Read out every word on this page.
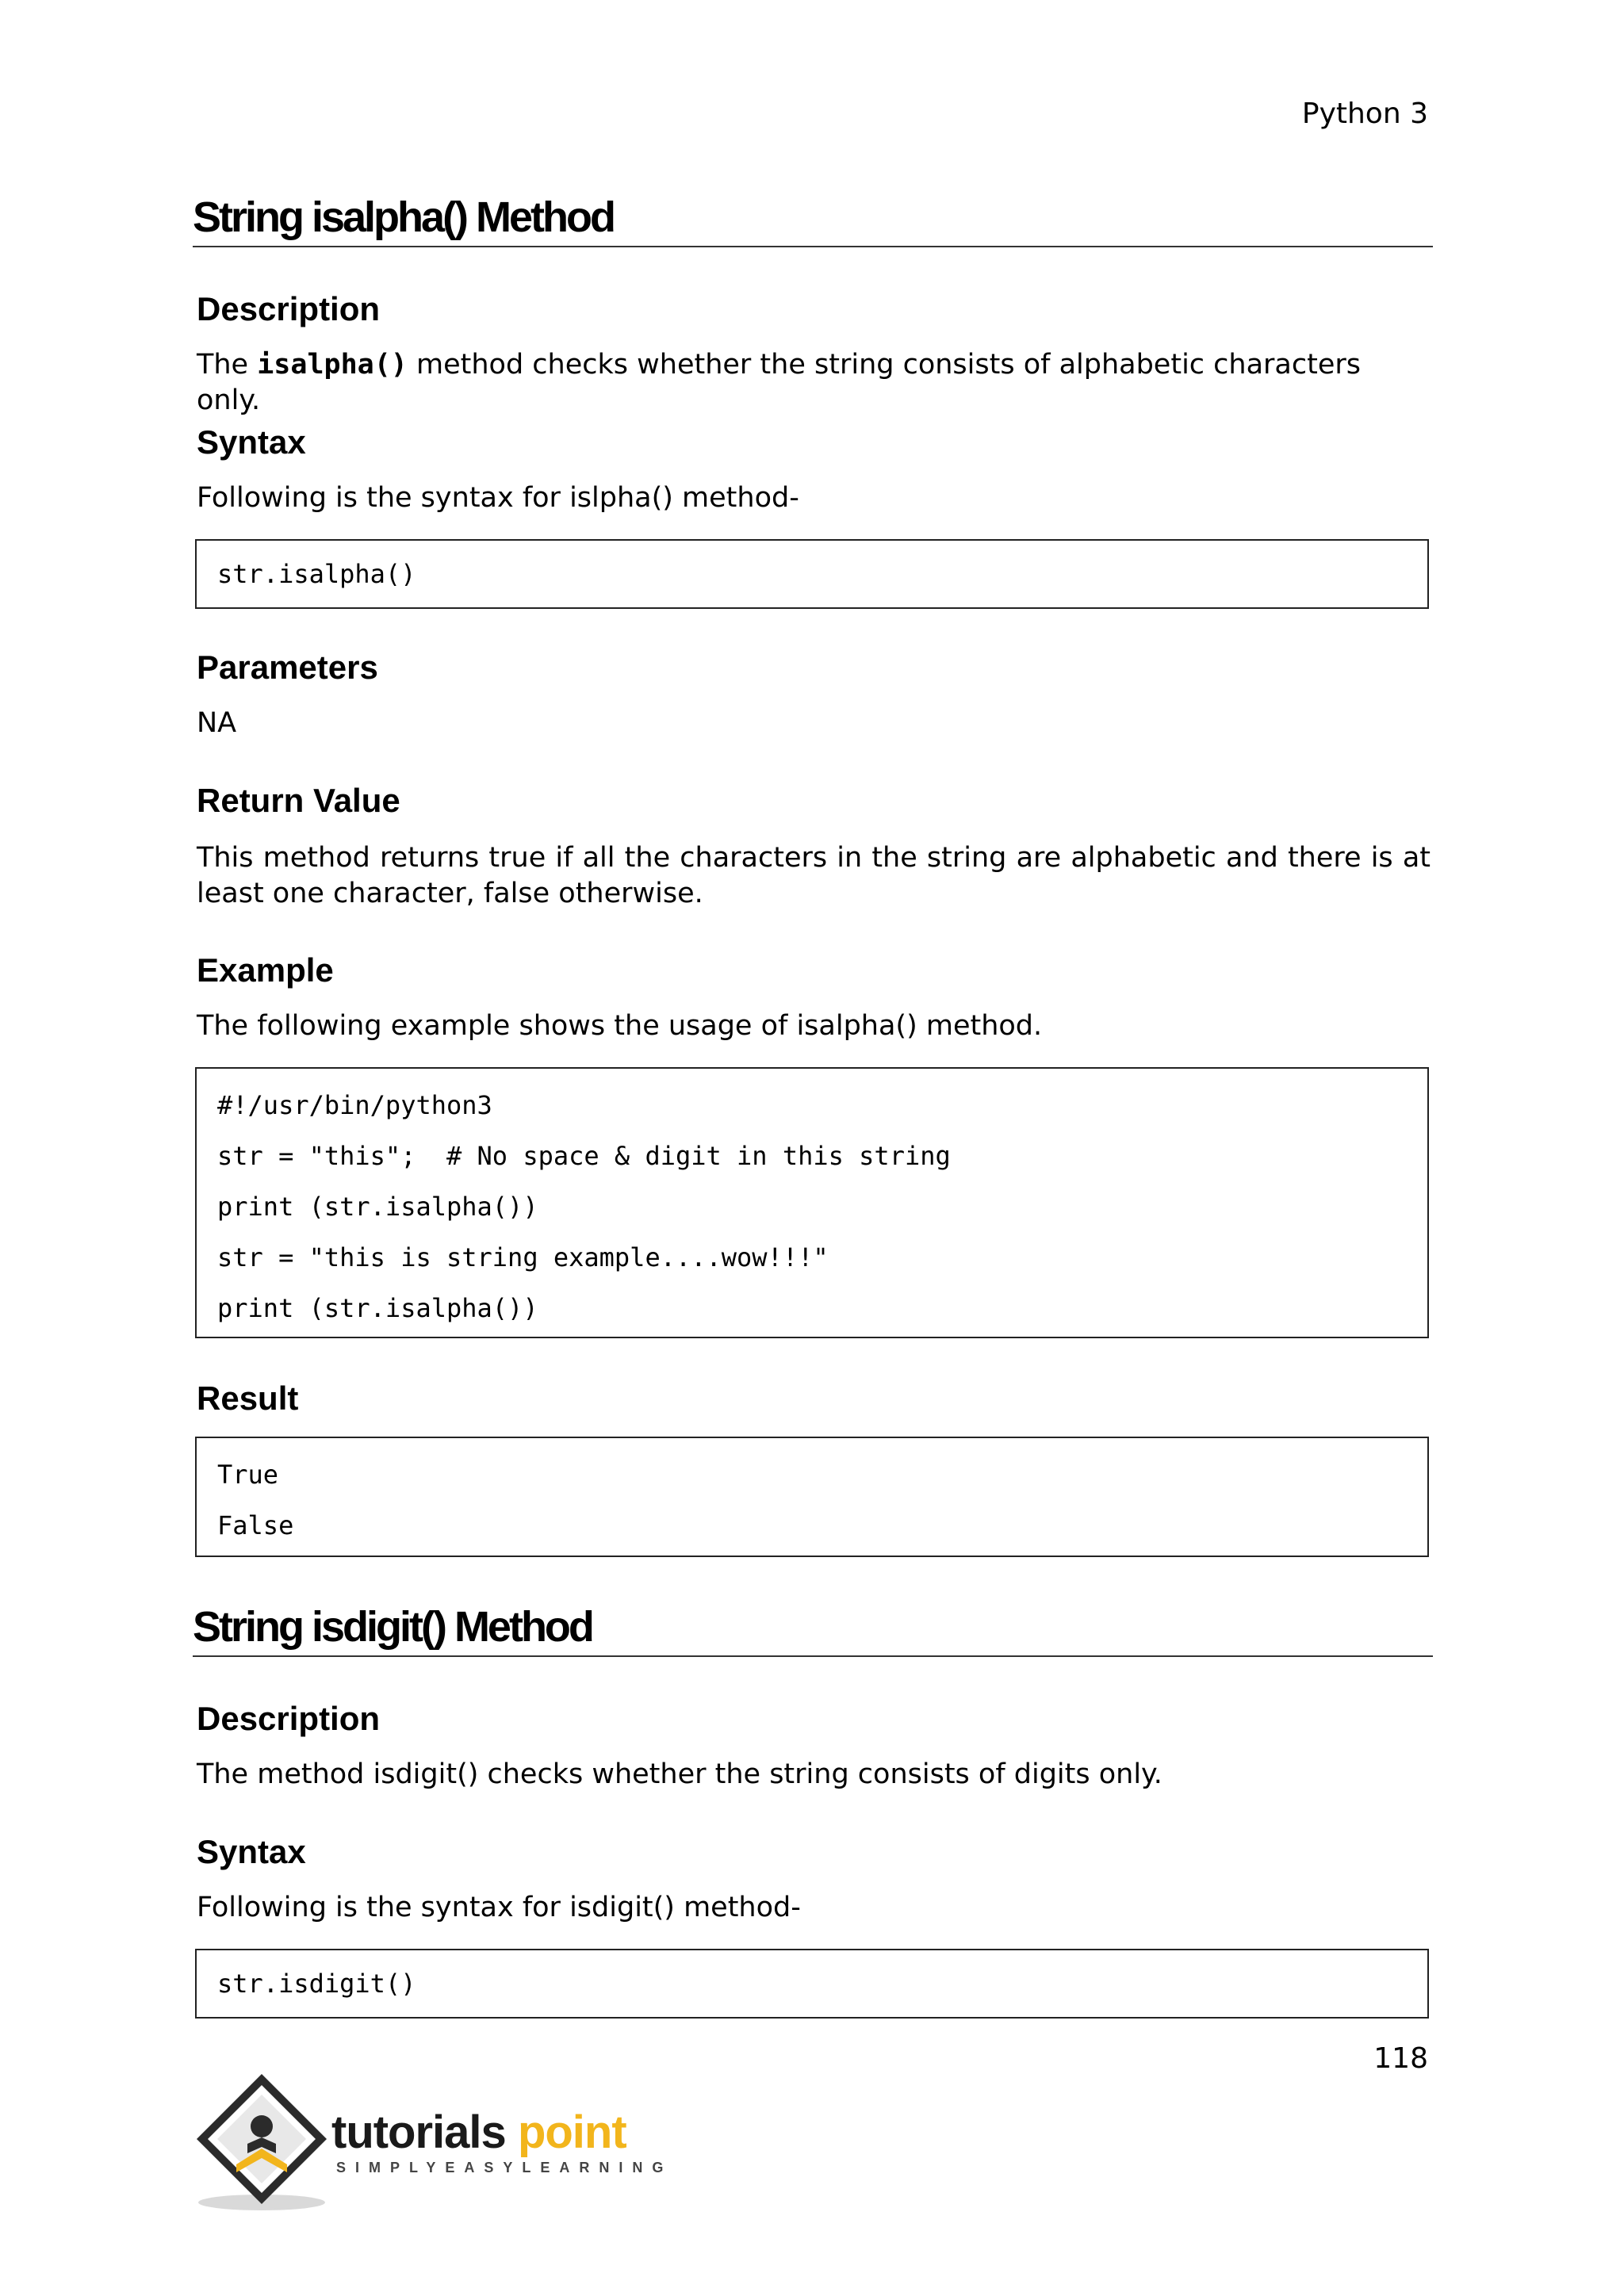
Python 3
String isalpha() Method
Description

The isalpha() method checks whether the string consists of alphabetic characters only.

Syntax

Following is the syntax for islpha() method-

str.isalpha()
Parameters

NA

Return Value

This method returns true if all the characters in the string are alphabetic and there is at least one character, false otherwise.

Example

The following example shows the usage of isalpha() method.

#!/usr/bin/python3
str = "this";  # No space & digit in this string
print (str.isalpha())
str = "this is string example....wow!!!"
print (str.isalpha())
Result
True
False
String isdigit() Method
Description

The method isdigit() checks whether the string consists of digits only.

Syntax

Following is the syntax for isdigit() method-

str.isdigit()
118
tutorials point
SIMPLYEASYLEARNING
